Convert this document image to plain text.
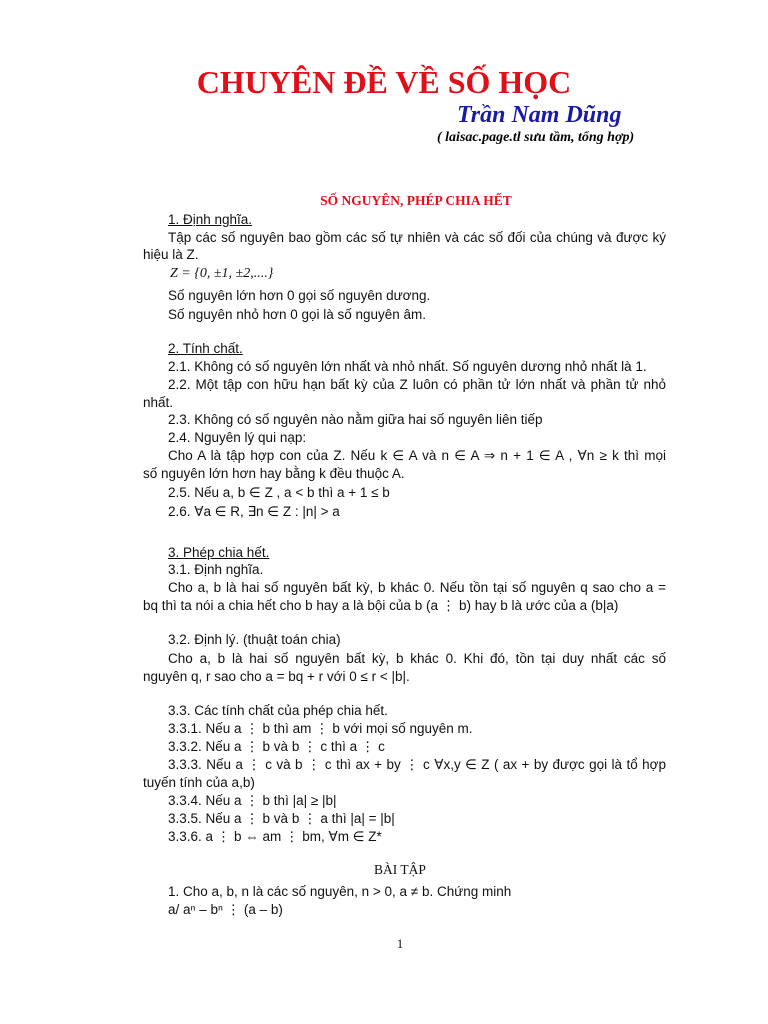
CHUYÊN ĐỀ VỀ SỐ HỌC
Trần Nam Dũng
( laisac.page.tl sưu tầm, tổng hợp)
SỐ NGUYÊN, PHÉP CHIA HẾT
1. Định nghĩa.
Tập các số nguyên bao gồm các số tự nhiên và các số đối của chúng và được ký
hiệu là Z.
Z = {0, ±1, ±2,....}
Số nguyên lớn hơn 0 gọi số nguyên dương.
Số nguyên nhỏ hơn 0 gọi là số nguyên âm.
2. Tính chất.
2.1. Không có số nguyên lớn nhất và nhỏ nhất. Số nguyên dương nhỏ nhất là 1.
2.2. Một tập con hữu hạn bất kỳ của Z luôn có phần tử lớn nhất và phần tử nhỏ
nhất.
2.3. Không có số nguyên nào nằm giữa hai số nguyên liên tiếp
2.4. Nguyên lý qui nạp:
Cho A là tập hợp con của Z. Nếu k ∈ A và n ∈ A ⇒ n + 1 ∈ A , ∀n ≥ k thì mọi
số nguyên lớn hơn hay bằng k đều thuộc A.
2.5. Nếu a, b ∈ Z , a < b thì a + 1 ≤ b
2.6. ∀a ∈ R, ∃n ∈ Z : |n| > a
3. Phép chia hết.
3.1. Định nghĩa.
Cho a, b là hai số nguyên bất kỳ, b khác 0. Nếu tồn tại số nguyên q sao cho a =
bq thì ta nói a chia hết cho b hay a là bội của b (a ⋮ b) hay b là ước của a (b|a)
3.2. Định lý. (thuật toán chia)
Cho a, b là hai số nguyên bất kỳ, b khác 0. Khi đó, tồn tại duy nhất các số
nguyên q, r sao cho a = bq + r với 0 ≤ r < |b|.
3.3. Các tính chất của phép chia hết.
3.3.1. Nếu a ⋮ b thì am ⋮ b với mọi số nguyên m.
3.3.2. Nếu a ⋮ b và b ⋮ c thì a ⋮ c
3.3.3. Nếu a ⋮ c và b ⋮ c thì ax + by ⋮ c ∀x,y ∈ Z ( ax + by được gọi là tổ hợp
tuyến tính của a,b)
3.3.4. Nếu a ⋮ b thì |a| ≥ |b|
3.3.5. Nếu a ⋮ b và b ⋮ a thì |a| = |b|
3.3.6. a ⋮ b ⇔ am ⋮ bm, ∀m ∈ Z*
BÀI TẬP
1. Cho a, b, n là các số nguyên, n > 0, a ≠ b. Chứng minh
a/ aⁿ – bⁿ ⋮ (a – b)
1
